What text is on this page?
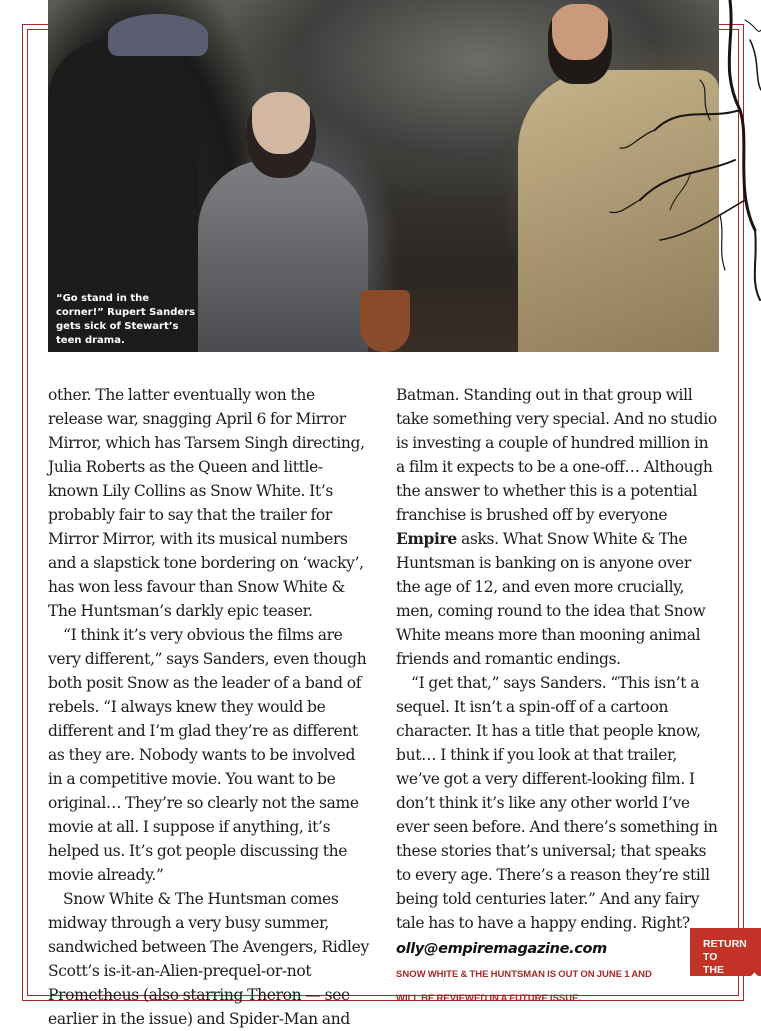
“Go stand in the corner!” Rupert Sanders gets sick of Stewart’s teen drama.

other. The latter eventually won the release war, snagging April 6 for Mirror Mirror, which has Tarsem Singh directing, Julia Roberts as the Queen and little-known Lily Collins as Snow White. It’s probably fair to say that the trailer for Mirror Mirror, with its musical numbers and a slapstick tone bordering on ‘wacky’, has won less favour than Snow White & The Huntsman’s darkly epic teaser.

“I think it’s very obvious the films are very different,” says Sanders, even though both posit Snow as the leader of a band of rebels. “I always knew they would be different and I’m glad they’re as different as they are. Nobody wants to be involved in a competitive movie. You want to be original… They’re so clearly not the same movie at all. I suppose if anything, it’s helped us. It’s got people discussing the movie already.”

Snow White & The Huntsman comes midway through a very busy summer, sandwiched between The Avengers, Ridley Scott’s is-it-an-Alien-prequel-or-not Prometheus (also starring Theron — see earlier in the issue) and Spider-Man and

Batman. Standing out in that group will take something very special. And no studio is investing a couple of hundred million in a film it expects to be a one-off… Although the answer to whether this is a potential franchise is brushed off by everyone Empire asks. What Snow White & The Huntsman is banking on is anyone over the age of 12, and even more crucially, men, coming round to the idea that Snow White means more than mooning animal friends and romantic endings.

“I get that,” says Sanders. “This isn’t a sequel. It isn’t a spin-off of a cartoon character. It has a title that people know, but… I think if you look at that trailer, we’ve got a very different-looking film. I don’t think it’s like any other world I’ve ever seen before. And there’s something in these stories that’s universal; that speaks to every age. There’s a reason they’re still being told centuries later.” And any fairy tale has to have a happy ending. Right?

olly@empiremagazine.com
SNOW WHITE & THE HUNTSMAN IS OUT ON JUNE 1 AND
WILL BE REVIEWED IN A FUTURE ISSUE.
RETURN TO
THE TOP
